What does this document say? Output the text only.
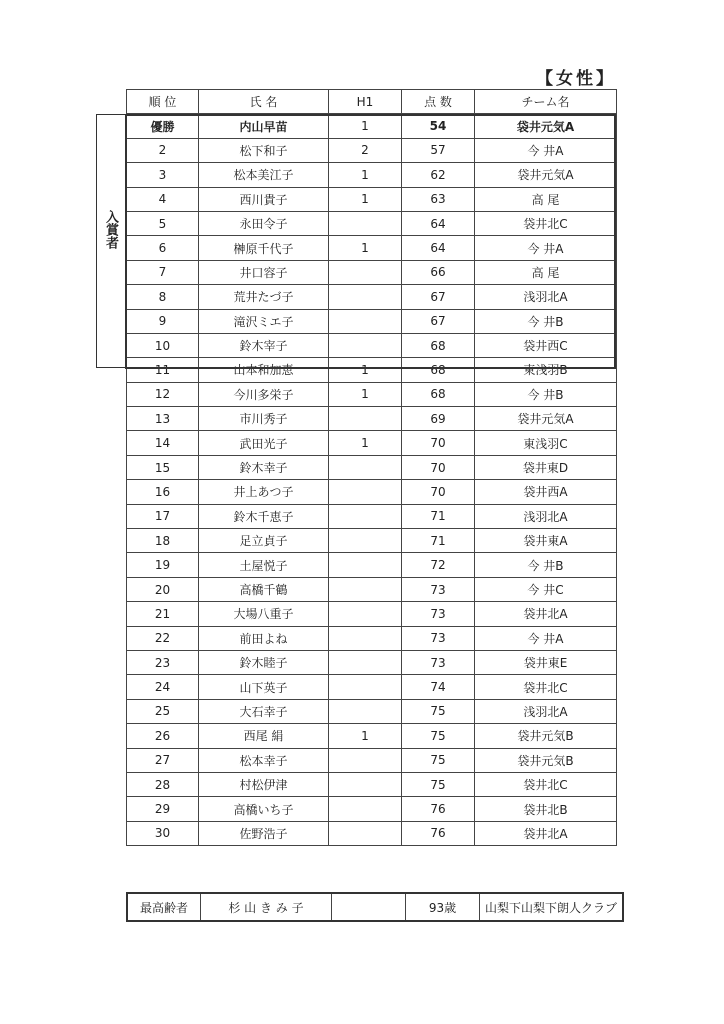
【女性】
入賞者
順 位	氏 名	H1	点 数	チーム名
優勝	内山早苗	1	54	袋井元気A
2	松下和子	2	57	今 井A
3	松本美江子	1	62	袋井元気A
4	西川貴子	1	63	高 尾
5	永田令子		64	袋井北C
6	榊原千代子	1	64	今 井A
7	井口容子		66	高 尾
8	荒井たづ子		67	浅羽北A
9	滝沢ミエ子		67	今 井B
10	鈴木宰子		68	袋井西C
11	山本和加恵	1	68	東浅羽B
12	今川多栄子	1	68	今 井B
13	市川秀子		69	袋井元気A
14	武田光子	1	70	東浅羽C
15	鈴木幸子		70	袋井東D
16	井上あつ子		70	袋井西A
17	鈴木千恵子		71	浅羽北A
18	足立貞子		71	袋井東A
19	土屋悦子		72	今 井B
20	高橋千鶴		73	今 井C
21	大場八重子		73	袋井北A
22	前田よね		73	今 井A
23	鈴木睦子		73	袋井東E
24	山下英子		74	袋井北C
25	大石幸子		75	浅羽北A
26	西尾 絹	1	75	袋井元気B
27	松本幸子		75	袋井元気B
28	村松伊津		75	袋井北C
29	高橋いち子		76	袋井北B
30	佐野浩子		76	袋井北A
最高齢者	杉 山 き み 子		93歳	山梨下山梨下朗人クラブ
